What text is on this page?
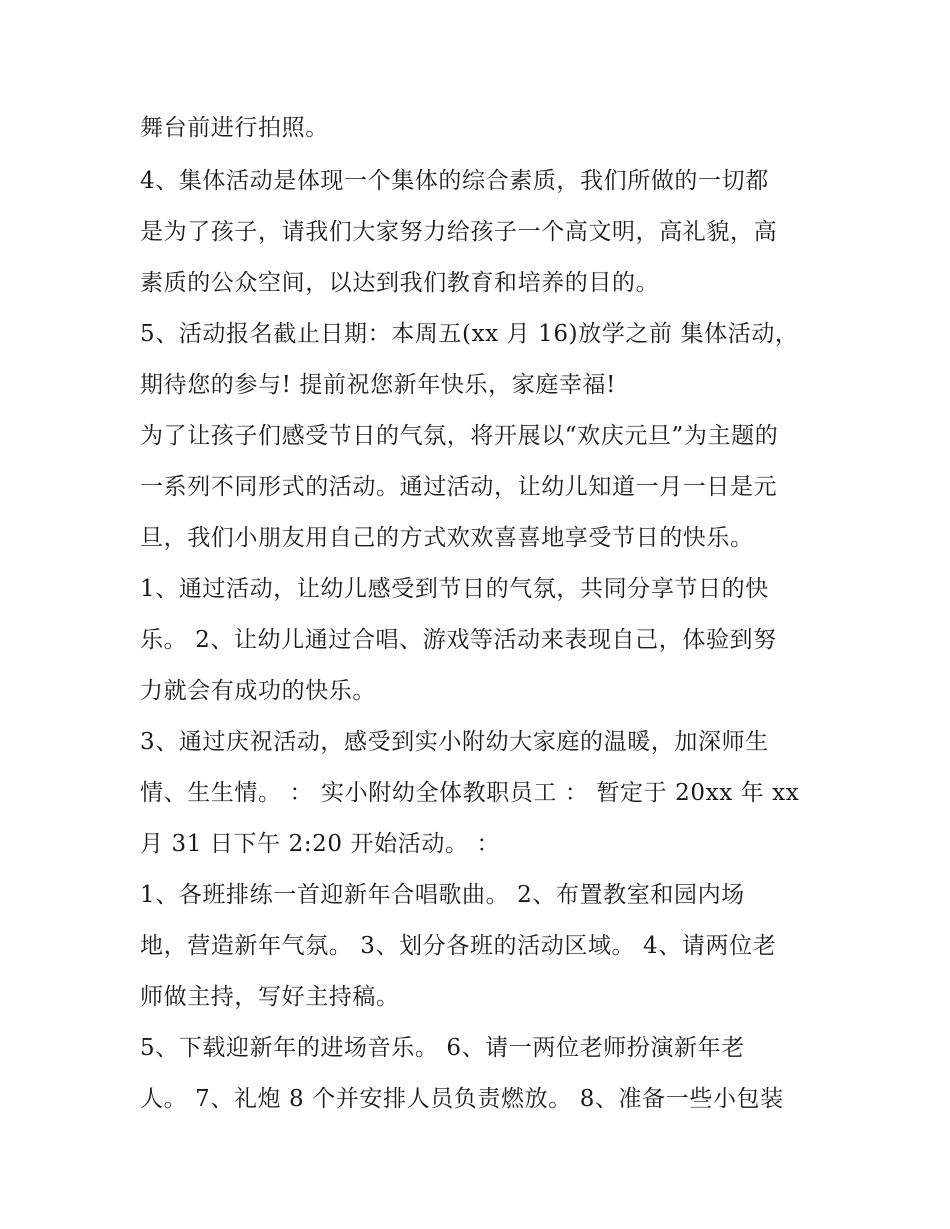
舞台前进行拍照。

4、集体活动是体现一个集体的综合素质，我们所做的一切都

是为了孩子，请我们大家努力给孩子一个高文明，高礼貌，高

素质的公众空间，以达到我们教育和培养的目的。

5、活动报名截止日期：本周五(xx 月 16)放学之前 集体活动，

期待您的参与! 提前祝您新年快乐，家庭幸福!

为了让孩子们感受节日的气氛，将开展以“欢庆元旦”为主题的

一系列不同形式的活动。通过活动，让幼儿知道一月一日是元

旦，我们小朋友用自己的方式欢欢喜喜地享受节日的快乐。

1、通过活动，让幼儿感受到节日的气氛，共同分享节日的快

乐。 2、让幼儿通过合唱、游戏等活动来表现自己，体验到努

力就会有成功的快乐。

3、通过庆祝活动，感受到实小附幼大家庭的温暖，加深师生

情、生生情。 ： 实小附幼全体教职员工 ： 暂定于 20xx 年 xx

月 31 日下午 2:20 开始活动。 ：

1、各班排练一首迎新年合唱歌曲。 2、布置教室和园内场

地，营造新年气氛。 3、划分各班的活动区域。 4、请两位老

师做主持，写好主持稿。

5、下载迎新年的进场音乐。 6、请一两位老师扮演新年老

人。 7、礼炮 8 个并安排人员负责燃放。 8、准备一些小包装
